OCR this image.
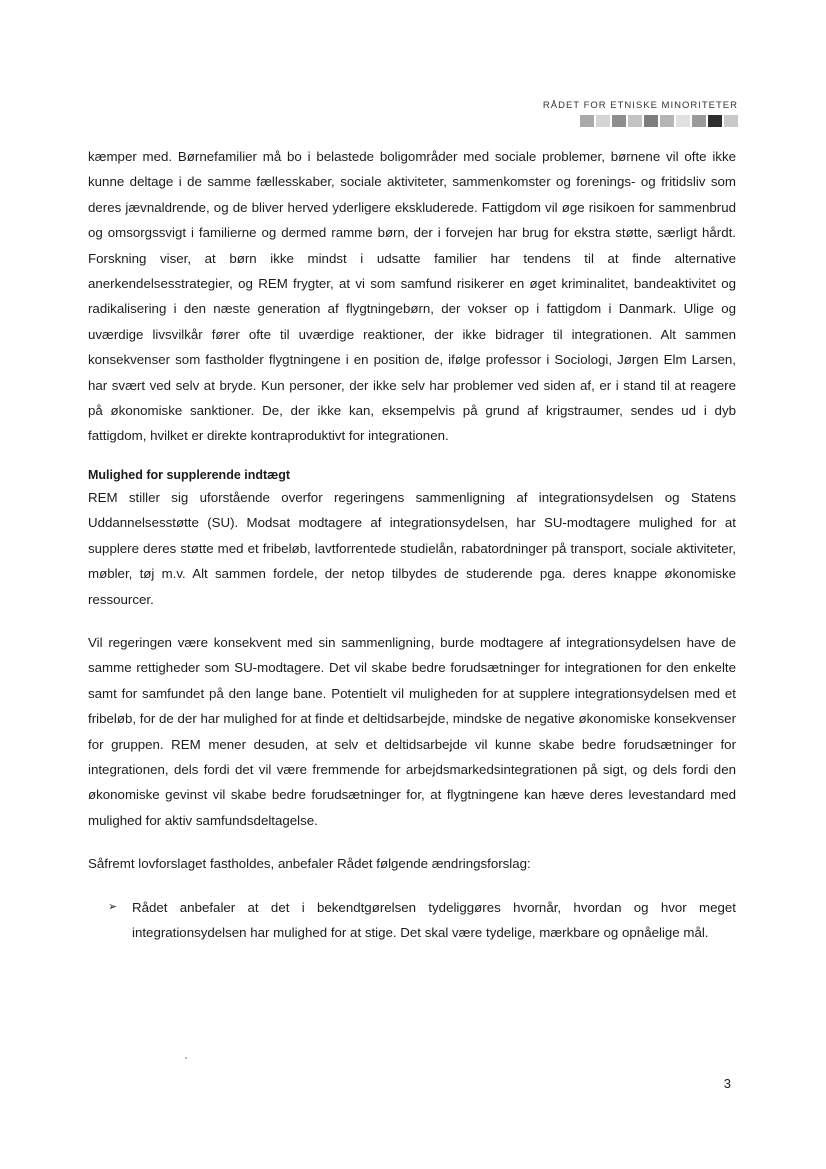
RÅDET FOR ETNISKE MINORITETER

kæmper med. Børnefamilier må bo i belastede boligområder med sociale problemer, børnene vil ofte ikke kunne deltage i de samme fællesskaber, sociale aktiviteter, sammenkomster og forenings- og fritidsliv som deres jævnaldrende, og de bliver herved yderligere ekskluderede. Fattigdom vil øge risikoen for sammenbrud og omsorgssvigt i familierne og dermed ramme børn, der i forvejen har brug for ekstra støtte, særligt hårdt. Forskning viser, at børn ikke mindst i udsatte familier har tendens til at finde alternative anerkendelsesstrategier, og REM frygter, at vi som samfund risikerer en øget kriminalitet, bandeaktivitet og radikalisering i den næste generation af flygtningebørn, der vokser op i fattigdom i Danmark. Ulige og uværdige livsvilkår fører ofte til uværdige reaktioner, der ikke bidrager til integrationen. Alt sammen konsekvenser som fastholder flygtningene i en position de, ifølge professor i Sociologi, Jørgen Elm Larsen, har svært ved selv at bryde. Kun personer, der ikke selv har problemer ved siden af, er i stand til at reagere på økonomiske sanktioner. De, der ikke kan, eksempelvis på grund af krigstraumer, sendes ud i dyb fattigdom, hvilket er direkte kontraproduktivt for integrationen.

Mulighed for supplerende indtægt

REM stiller sig uforstående overfor regeringens sammenligning af integrationsydelsen og Statens Uddannelsesstøtte (SU). Modsat modtagere af integrationsydelsen, har SU-modtagere mulighed for at supplere deres støtte med et fribeløb, lavtforrentede studielån, rabatordninger på transport, sociale aktiviteter, møbler, tøj m.v. Alt sammen fordele, der netop tilbydes de studerende pga. deres knappe økonomiske ressourcer.

Vil regeringen være konsekvent med sin sammenligning, burde modtagere af integrationsydelsen have de samme rettigheder som SU-modtagere. Det vil skabe bedre forudsætninger for integrationen for den enkelte samt for samfundet på den lange bane. Potentielt vil muligheden for at supplere integrationsydelsen med et fribeløb, for de der har mulighed for at finde et deltidsarbejde, mindske de negative økonomiske konsekvenser for gruppen. REM mener desuden, at selv et deltidsarbejde vil kunne skabe bedre forudsætninger for integrationen, dels fordi det vil være fremmende for arbejdsmarkedsintegrationen på sigt, og dels fordi den økonomiske gevinst vil skabe bedre forudsætninger for, at flygtningene kan hæve deres levestandard med mulighed for aktiv samfundsdeltagelse.

Såfremt lovforslaget fastholdes, anbefaler Rådet følgende ændringsforslag:

➢ Rådet anbefaler at det i bekendtgørelsen tydeliggøres hvornår, hvordan og hvor meget integrationsydelsen har mulighed for at stige. Det skal være tydelige, mærkbare og opnåelige mål.
3
